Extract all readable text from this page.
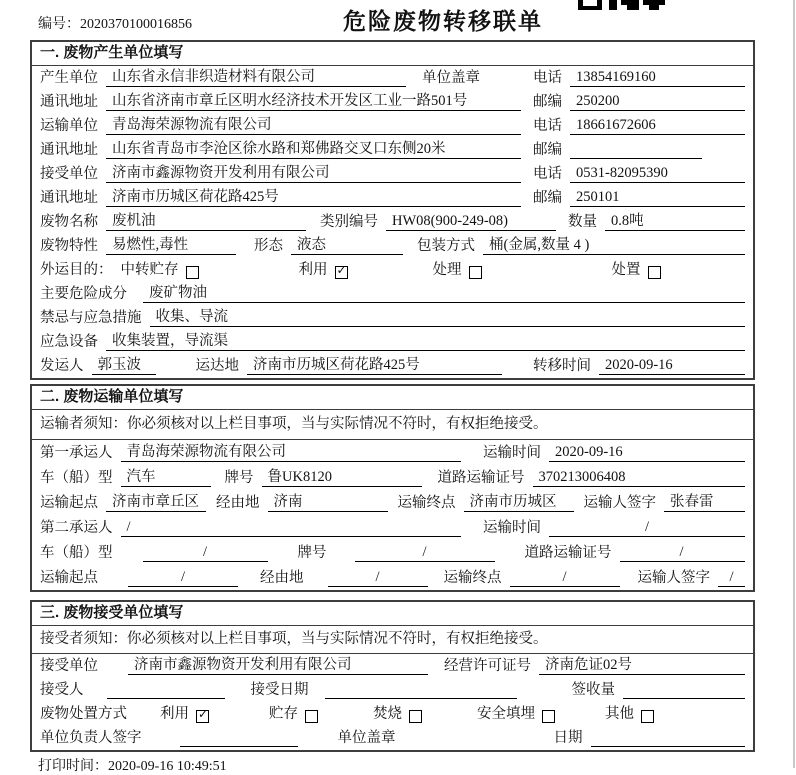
编号：2020370100016856	危险废物转移联单
一. 废物产生单位填写
产生单位 山东省永信非织造材料有限公司	单位盖章	电话 13854169160
通讯地址 山东省济南市章丘区明水经济技术开发区工业一路501号	邮编 250200
运输单位 青岛海荣源物流有限公司	电话 18661672606
通讯地址 山东省青岛市李沧区徐水路和郑佛路交叉口东侧20米	邮编
接受单位 济南市鑫源物资开发利用有限公司	电话 0531-82095390
通讯地址 济南市历城区荷花路425号	邮编 250101
废物名称 废机油	类别编号 HW08(900-249-08)	数量 0.8吨
废物特性 易燃性,毒性	形态 液态	包装方式 桶(金属,数量 4 )
外运目的： 中转贮存	利用 ✓	处理	处置
主要危险成分	废矿物油
禁忌与应急措施 收集、导流
应急设备 收集装置，导流渠
发运人 郭玉波	运达地 济南市历城区荷花路425号	转移时间 2020-09-16
二. 废物运输单位填写
运输者须知：你必须核对以上栏目事项，当与实际情况不符时，有权拒绝接受。
第一承运人 青岛海荣源物流有限公司	运输时间 2020-09-16
车（船）型 汽车	牌号 鲁UK8120	道路运输证号 370213006408
运输起点 济南市章丘区	经由地 济南	运输终点 济南市历城区	运输人签字 张春雷
第二承运人 /	运输时间	/
车（船）型	/	牌号	/	道路运输证号	/
运输起点	/	经由地	/	运输终点	/	运输人签字	/
三. 废物接受单位填写
接受者须知：你必须核对以上栏目事项，当与实际情况不符时，有权拒绝接受。
接受单位	济南市鑫源物资开发利用有限公司	经营许可证号 济南危证02号
接受人	接受日期	签收量
废物处置方式 利用 ✓	贮存	焚烧	安全填埋	其他
单位负责人签字	单位盖章	日期
打印时间：2020-09-16 10:49:51
